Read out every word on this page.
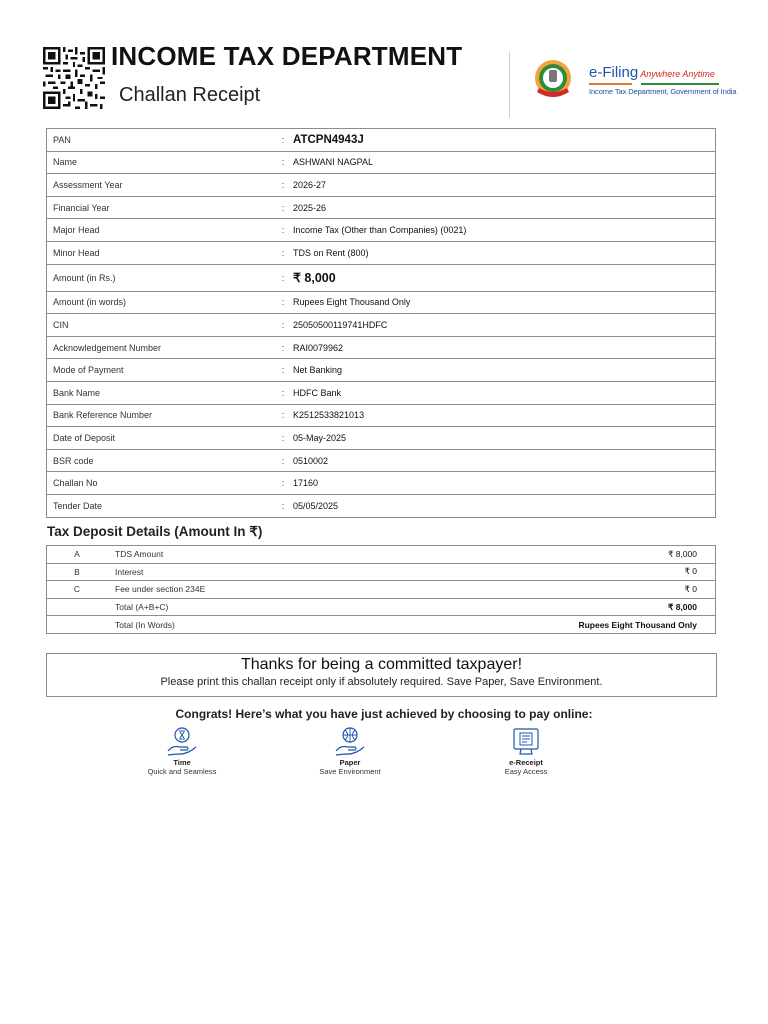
INCOME TAX DEPARTMENT
Challan Receipt
e-Filing Anywhere Anytime
Income Tax Department, Government of India
PAN	:	ATCPN4943J
Name	:	ASHWANI NAGPAL
Assessment Year	:	2026-27
Financial Year	:	2025-26
Major Head	:	Income Tax (Other than Companies) (0021)
Minor Head	:	TDS on Rent (800)
Amount (in Rs.)	:	₹ 8,000
Amount (in words)	:	Rupees Eight Thousand Only
CIN	:	25050500119741HDFC
Acknowledgement Number	:	RAI0079962
Mode of Payment	:	Net Banking
Bank Name	:	HDFC Bank
Bank Reference Number	:	K2512533821013
Date of Deposit	:	05-May-2025
BSR code	:	0510002
Challan No	:	17160
Tender Date	:	05/05/2025
Tax Deposit Details (Amount In ₹)
A	TDS Amount	₹ 8,000
B	Interest	₹ 0
C	Fee under section 234E	₹ 0
	Total (A+B+C)	₹ 8,000
	Total (In Words)	Rupees Eight Thousand Only
Thanks for being a committed taxpayer!
Please print this challan receipt only if absolutely required. Save Paper, Save Environment.
Congrats! Here’s what you have just achieved by choosing to pay online:
Time
Quick and Seamless
Paper
Save Environment
e-Receipt
Easy Access
